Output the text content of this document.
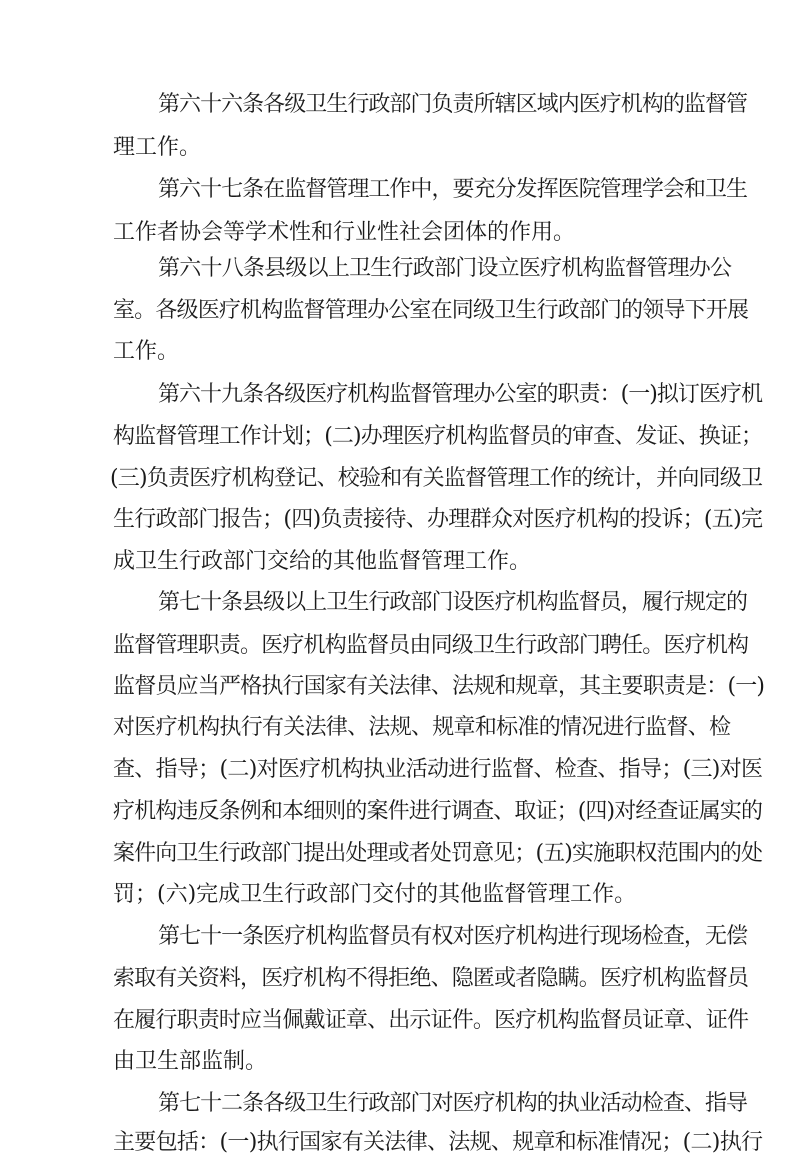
第六十六条各级卫生行政部门负责所辖区域内医疗机构的监督管
理工作。
第六十七条在监督管理工作中，要充分发挥医院管理学会和卫生
工作者协会等学术性和行业性社会团体的作用。
第六十八条县级以上卫生行政部门设立医疗机构监督管理办公
室。各级医疗机构监督管理办公室在同级卫生行政部门的领导下开展
工作。
第六十九条各级医疗机构监督管理办公室的职责：(一)拟订医疗机
构监督管理工作计划；(二)办理医疗机构监督员的审查、发证、换证；
(三)负责医疗机构登记、校验和有关监督管理工作的统计，并向同级卫
生行政部门报告；(四)负责接待、办理群众对医疗机构的投诉；(五)完
成卫生行政部门交给的其他监督管理工作。
第七十条县级以上卫生行政部门设医疗机构监督员，履行规定的
监督管理职责。医疗机构监督员由同级卫生行政部门聘任。医疗机构
监督员应当严格执行国家有关法律、法规和规章，其主要职责是：(一)
对医疗机构执行有关法律、法规、规章和标准的情况进行监督、检
查、指导；(二)对医疗机构执业活动进行监督、检查、指导；(三)对医
疗机构违反条例和本细则的案件进行调查、取证；(四)对经查证属实的
案件向卫生行政部门提出处理或者处罚意见；(五)实施职权范围内的处
罚；(六)完成卫生行政部门交付的其他监督管理工作。
第七十一条医疗机构监督员有权对医疗机构进行现场检查，无偿
索取有关资料，医疗机构不得拒绝、隐匿或者隐瞒。医疗机构监督员
在履行职责时应当佩戴证章、出示证件。医疗机构监督员证章、证件
由卫生部监制。
第七十二条各级卫生行政部门对医疗机构的执业活动检查、指导
主要包括：(一)执行国家有关法律、法规、规章和标准情况；(二)执行
